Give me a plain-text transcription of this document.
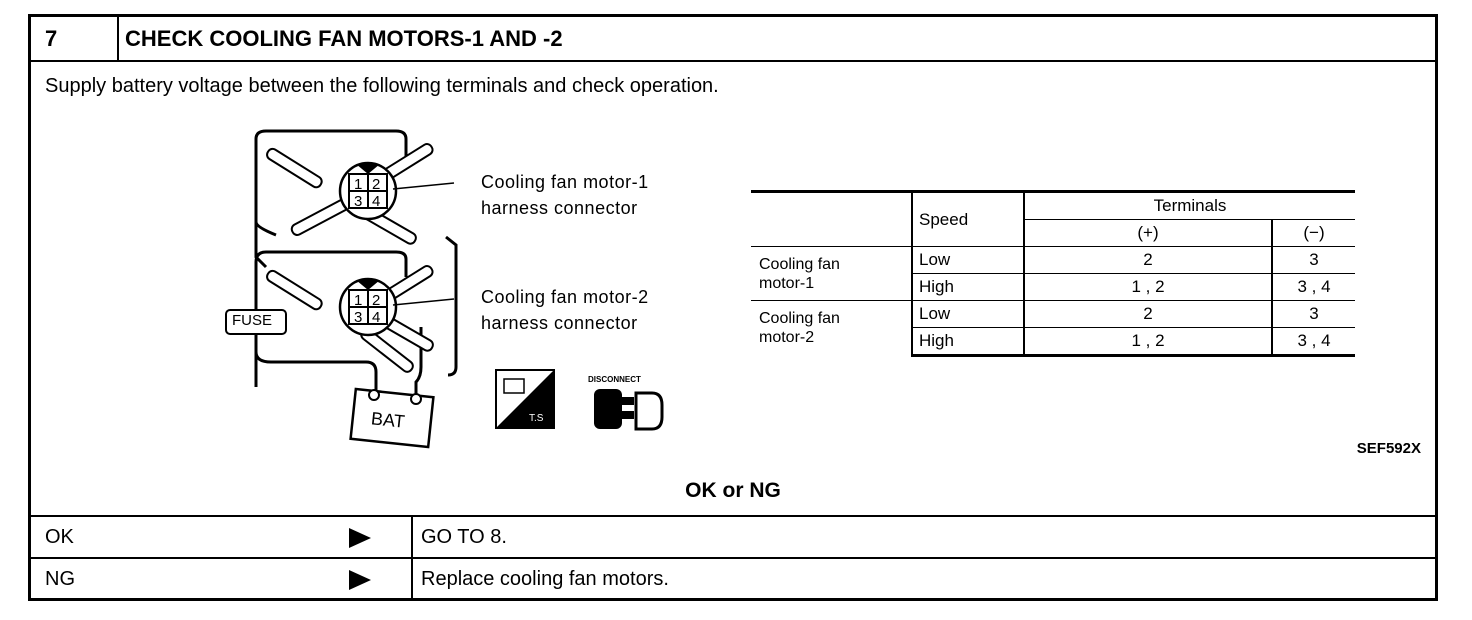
7	CHECK COOLING FAN MOTORS-1 AND -2
Supply battery voltage between the following terminals and check operation.
1 2
3 4
1 2
3 4
Cooling fan motor-1
harness connector
Cooling fan motor-2
harness connector
FUSE
BAT	T.S
DISCONNECT
	Speed	Terminals	
		(+)	(−)

Cooling fan
motor-1	Low	2	3
	High	1 , 2	3 , 4

Cooling fan
motor-2	Low	2	3
	High	1 , 2	3 , 4
SEF592X
OK or NG
OK	GO TO 8.
NG	Replace cooling fan motors.
